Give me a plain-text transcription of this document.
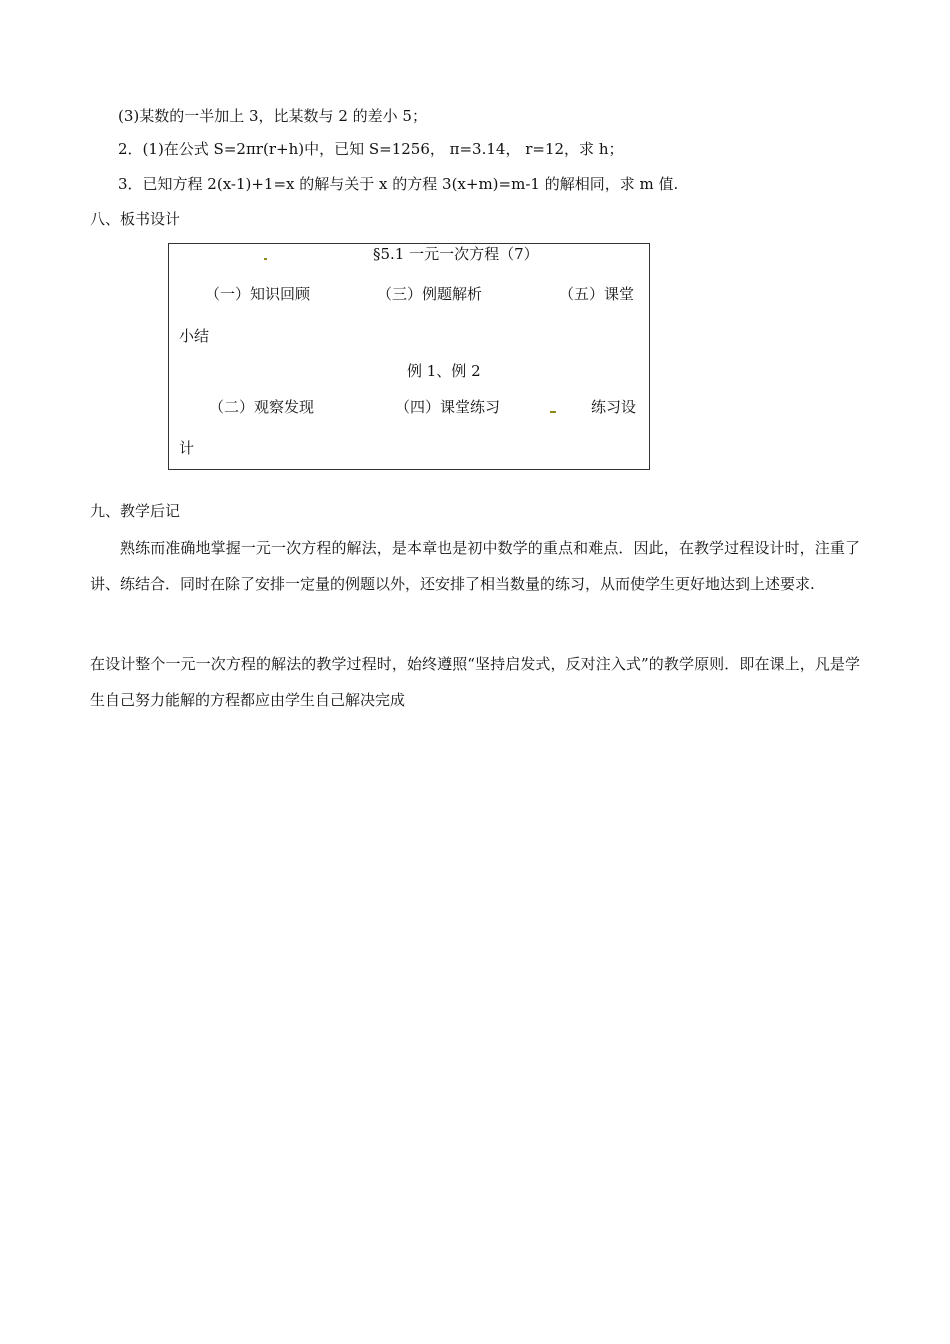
(3)某数的一半加上 3，比某数与 2 的差小 5；
2．(1)在公式 S=2πr(r+h)中，已知 S=1256， π=3.14， r=12，求 h；
3．已知方程 2(x-1)+1=x 的解与关于 x 的方程 3(x+m)=m-1 的解相同，求 m 值.
八、板书设计
§5.1 一元一次方程（7）
（一）知识回顾	（三）例题解析	（五）课堂
小结
例 1、例 2
（二）观察发现	（四）课堂练习	练习设
计
九、教学后记
熟练而准确地掌握一元一次方程的解法，是本章也是初中数学的重点和难点．因此，在教学过程设计时，注重了讲、练结合．同时在除了安排一定量的例题以外，还安排了相当数量的练习，从而使学生更好地达到上述要求.
在设计整个一元一次方程的解法的教学过程时，始终遵照“坚持启发式，反对注入式”的教学原则．即在课上，凡是学生自己努力能解的方程都应由学生自己解决完成
